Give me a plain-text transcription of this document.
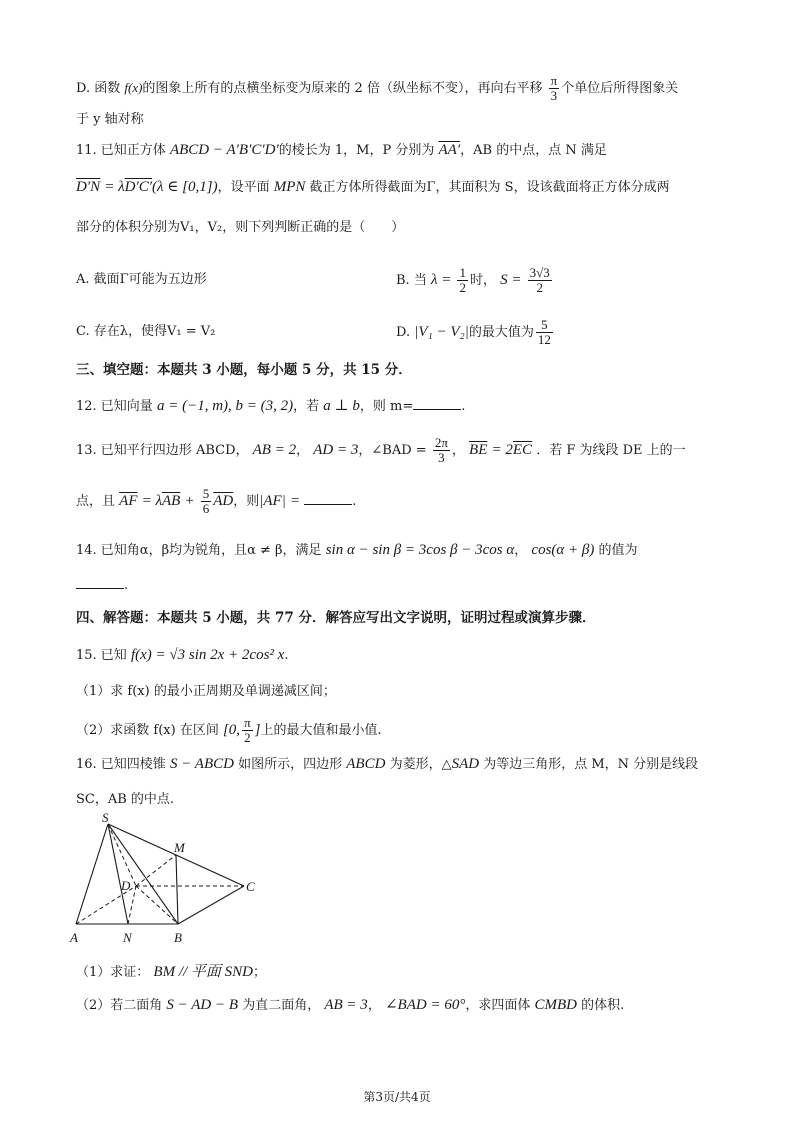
D. 函数 f(x)的图象上所有的点横坐标变为原来的 2 倍（纵坐标不变），再向右平移 $\frac{\pi}{3}$ 个单位后所得图象关
于 y 轴对称
11. 已知正方体 ABCD − A′B′C′D′的棱长为 1，M，P 分别为 AA′，AB 的中点，点 N 满足
D′N = λD′C′(λ ∈ [0,1])，设平面 MPN 截正方体所得截面为Γ，其面积为 S，设该截面将正方体分成两
部分的体积分别为V₁，V₂，则下列判断正确的是（　　）
A. 截面Γ可能为五边形	B. 当 $\lambda = \frac{1}{2}$ 时， $S = \frac{3√3}{2}$
C. 存在λ，使得V₁ = V₂	D. |V₁ − V₂|的最大值为 $\frac{5}{12}$
三、填空题：本题共 3 小题，每小题 5 分，共 15 分．
12. 已知向量 a = (−1, m), b = (3, 2)，若 a ⊥ b，则 m=	.
13. 已知平行四边形 ABCD， AB = 2， AD = 3，∠BAD = $\frac{2\pi}{3}$ ， $\overline{BE} = 2\overline{EC}$ ．若 F 为线段 DE 上的一
点，且 $\overline{AF} = \lambda\overline{AB} + \frac{5}{6} \overline{AD}$，则|AF| =	.
14. 已知角α，β均为锐角，且α ≠ β，满足 sin α − sin β = 3cos β − 3cos α， cos(α + β) 的值为
.
四、解答题：本题共 5 小题，共 77 分．解答应写出文字说明，证明过程或演算步骤．
15. 已知 f(x) = √3 sin 2x + 2cos² x.
（1）求 f(x) 的最小正周期及单调递减区间；
（2）求函数 f(x) 在区间 [0, $\frac{\pi}{2}$ ]上的最大值和最小值.
16. 已知四棱锥 S − ABCD 如图所示，四边形 ABCD 为菱形，△SAD 为等边三角形，点 M，N 分别是线段
SC，AB 的中点.
S
M
D	C
A	N	B
（1）求证： BM // 平面 SND；
（2）若二面角 S − AD − B 为直二面角， AB = 3， ∠BAD = 60°，求四面体 CMBD 的体积.
第3页/共4页
